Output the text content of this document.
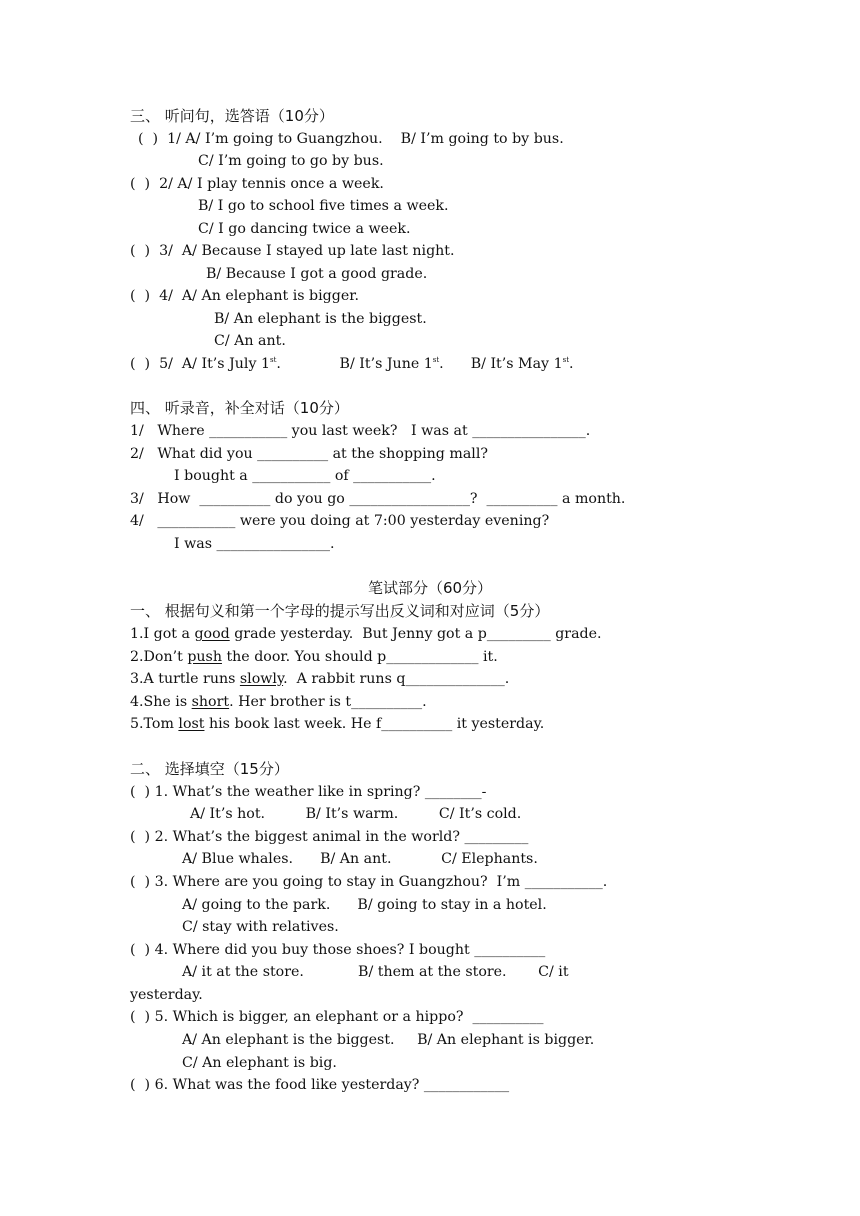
三、 听问句，选答语（10分）
(  )  1/ A/ I’m going to Guangzhou.    B/ I’m going to by bus.
C/ I’m going to go by bus.
(  )  2/ A/ I play tennis once a week.
B/ I go to school five times a week.
C/ I go dancing twice a week.
(  )  3/  A/ Because I stayed up late last night.
B/ Because I got a good grade.
(  )  4/  A/ An elephant is bigger.
B/ An elephant is the biggest.
C/ An ant.
(  )  5/  A/ It’s July 1st.             B/ It’s June 1st.      B/ It’s May 1st.
四、 听录音，补全对话（10分）
1/   Where ___________ you last week?   I was at ________________.
2/   What did you __________ at the shopping mall?
I bought a ___________ of ___________.
3/   How  __________ do you go _________________?  __________ a month.
4/   ___________ were you doing at 7:00 yesterday evening?
I was ________________.
笔试部分（60分）
一、 根据句义和第一个字母的提示写出反义词和对应词（5分）
1.I got a good grade yesterday.  But Jenny got a p_________ grade.
2.Don’t push the door. You should p_____________ it.
3.A turtle runs slowly.  A rabbit runs q______________.
4.She is short. Her brother is t__________.
5.Tom lost his book last week. He f__________ it yesterday.
二、 选择填空（15分）
(  ) 1. What’s the weather like in spring? ________-
A/ It’s hot.         B/ It’s warm.         C/ It’s cold.
(  ) 2. What’s the biggest animal in the world? _________
A/ Blue whales.      B/ An ant.           C/ Elephants.
(  ) 3. Where are you going to stay in Guangzhou?  I’m ___________.
A/ going to the park.      B/ going to stay in a hotel.
C/ stay with relatives.
(  ) 4. Where did you buy those shoes? I bought __________
A/ it at the store.            B/ them at the store.       C/ it
yesterday.
(  ) 5. Which is bigger, an elephant or a hippo?  __________
A/ An elephant is the biggest.     B/ An elephant is bigger.
C/ An elephant is big.
(  ) 6. What was the food like yesterday? ____________
